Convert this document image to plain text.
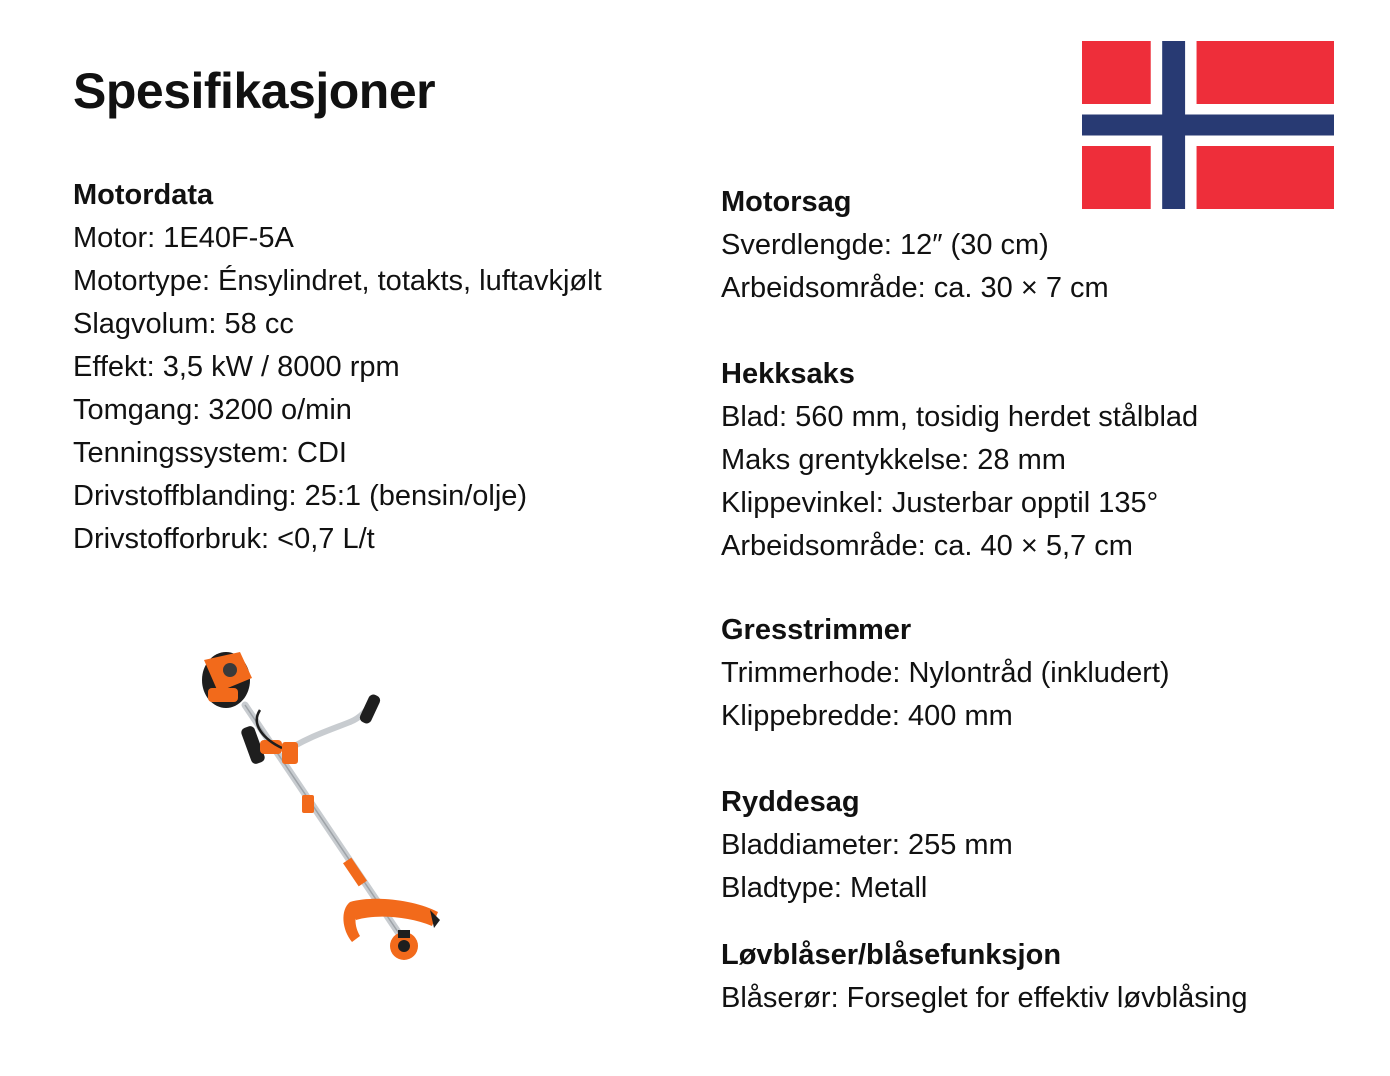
Spesifikasjoner
Motordata
Motor: 1E40F-5A
Motortype: Énsylindret, totakts, luftavkjølt
Slagvolum: 58 cc
Effekt: 3,5 kW / 8000 rpm
Tomgang: 3200 o/min
Tenningssystem: CDI
Drivstoffblanding: 25:1 (bensin/olje)
Drivstofforbruk: <0,7 L/t
Motorsag
Sverdlengde: 12″ (30 cm)
Arbeidsområde: ca. 30 × 7 cm
Hekksaks
Blad: 560 mm, tosidig herdet stålblad
Maks grentykkelse: 28 mm
Klippevinkel: Justerbar opptil 135°
Arbeidsområde: ca. 40 × 5,7 cm
Gresstrimmer
Trimmerhode: Nylontråd (inkludert)
Klippebredde: 400 mm
Ryddesag
Bladdiameter: 255 mm
Bladtype: Metall
Løvblåser/blåsefunksjon
Blåserør: Forseglet for effektiv løvblåsing
